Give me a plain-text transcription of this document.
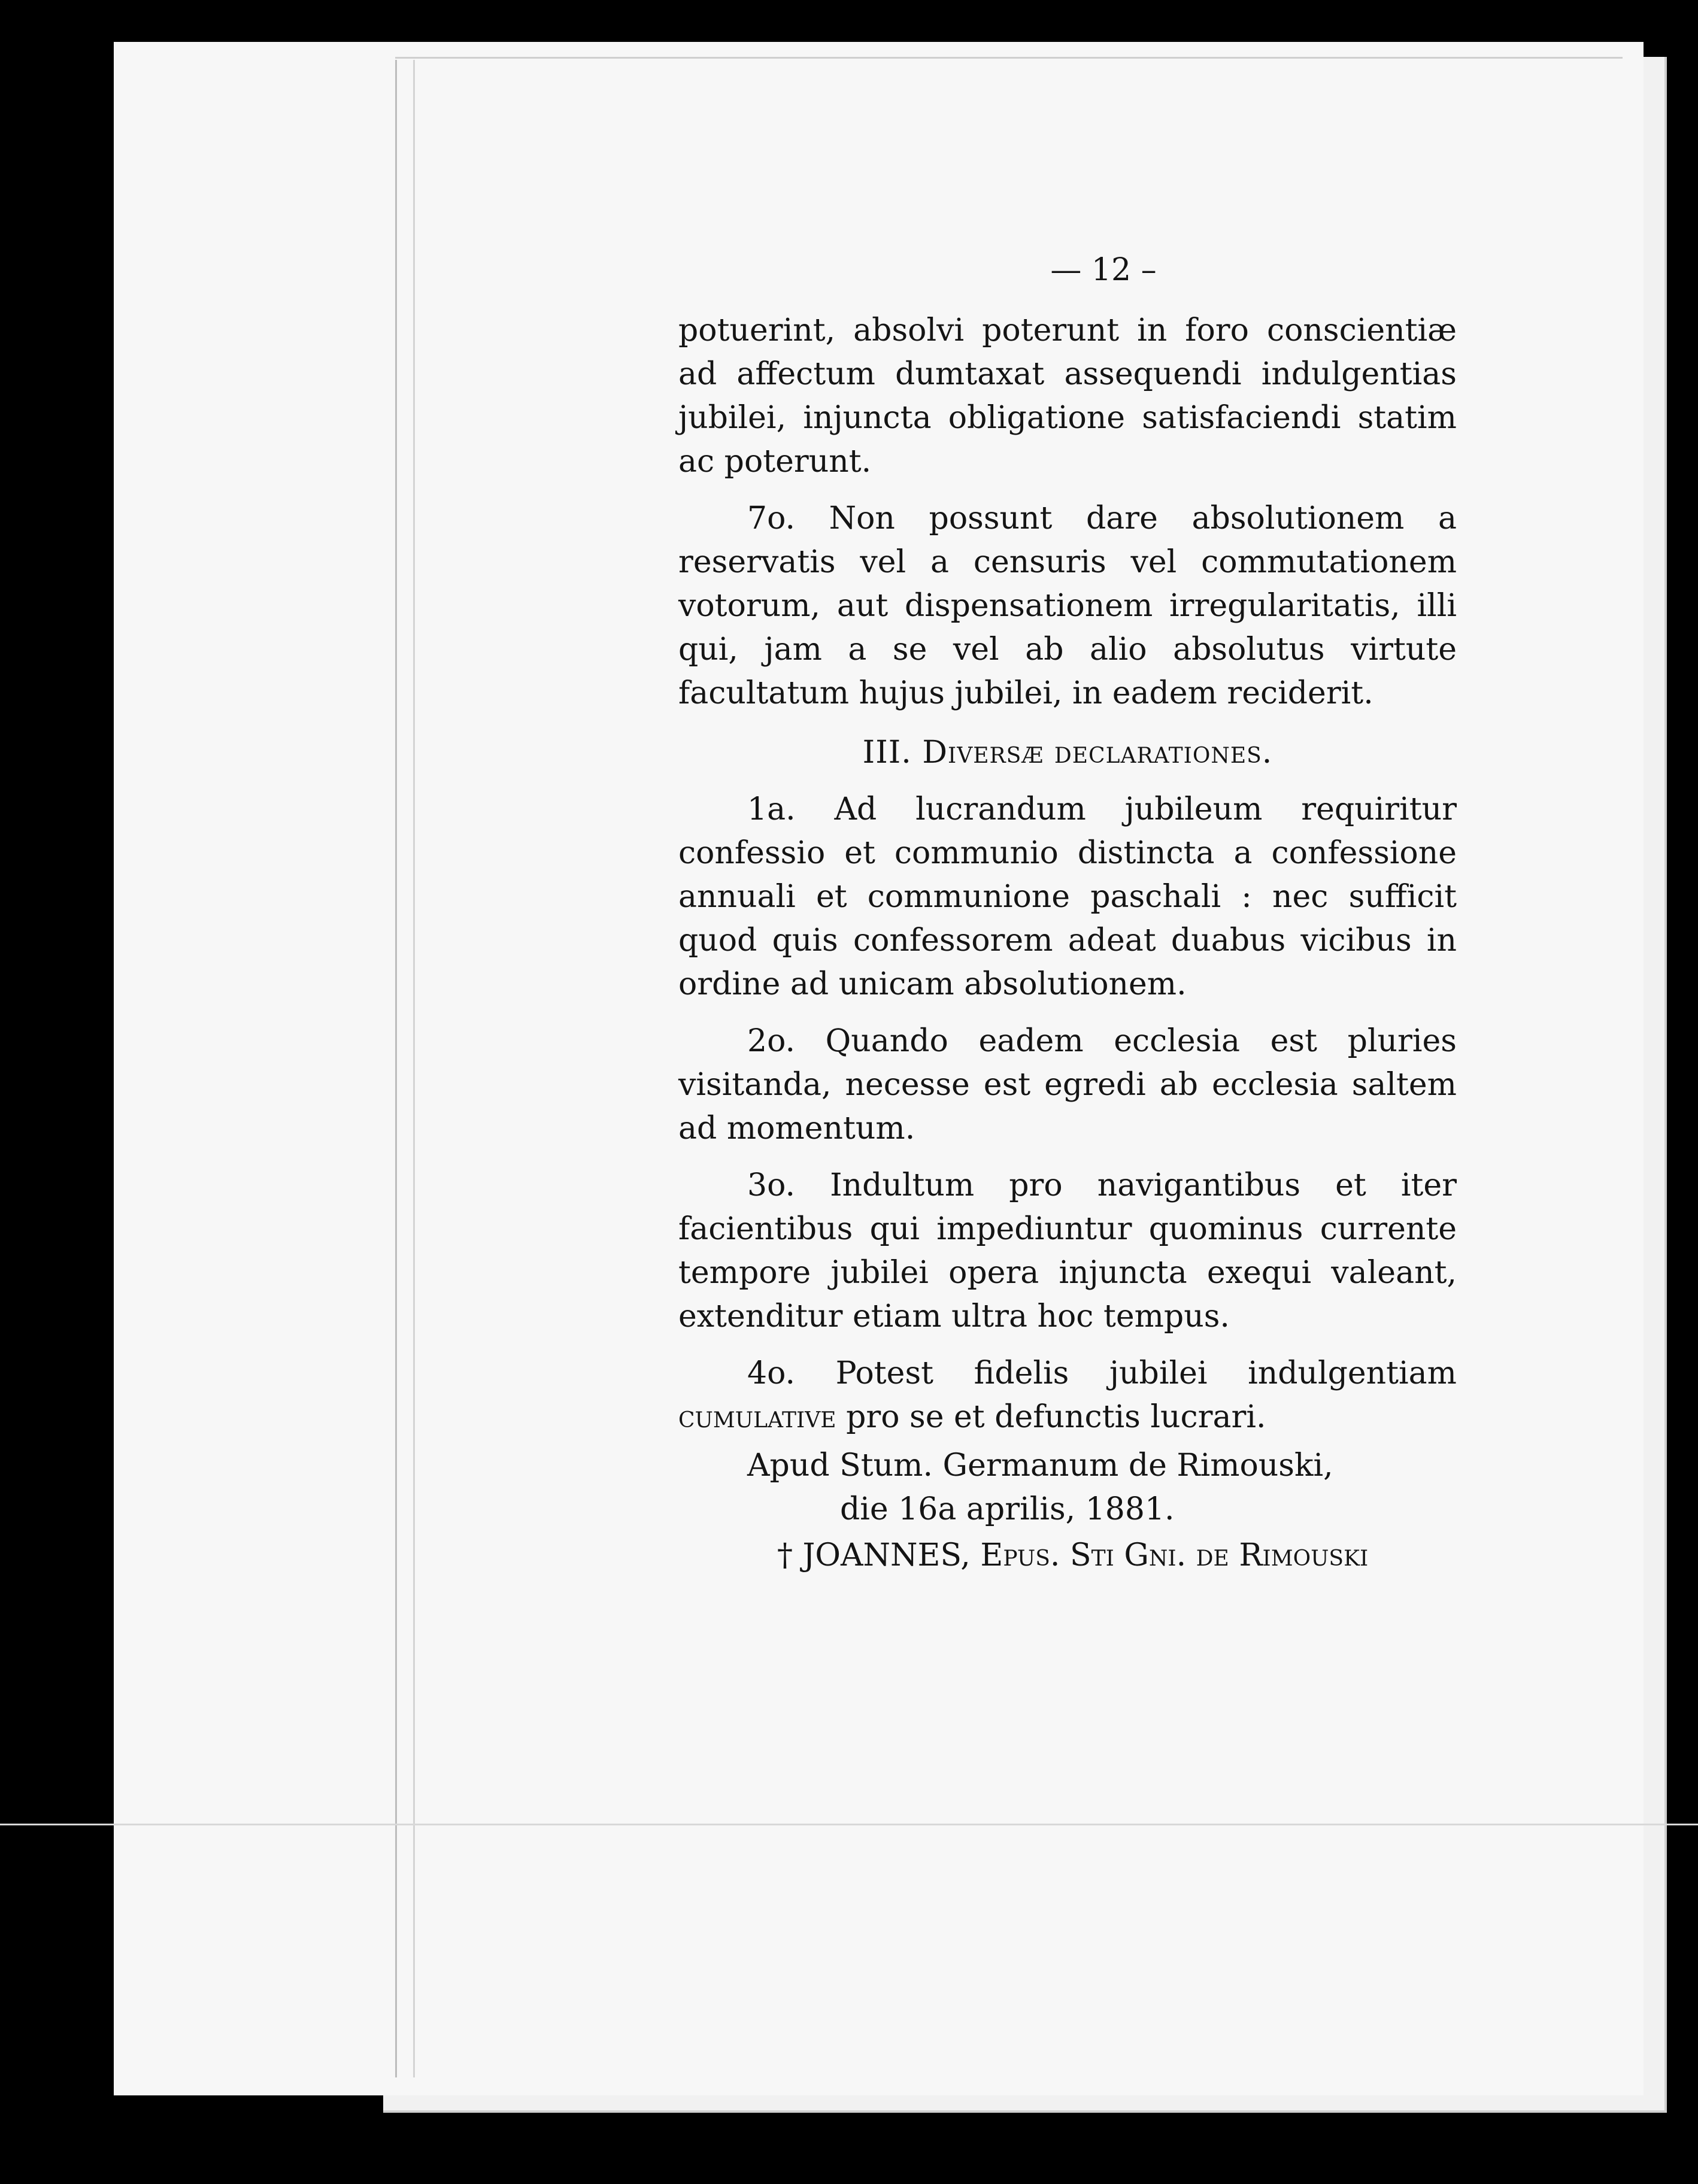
— 12 –

potuerint, absolvi poterunt in foro conscientiæ ad affectum dumtaxat assequendi indulgentias jubilei, injuncta obligatione satisfaciendi statim ac poterunt.

7o. Non possunt dare absolutionem a reservatis vel a censuris vel commutationem votorum, aut dispensationem irregularitatis, illi qui, jam a se vel ab alio absolutus virtute facultatum hujus jubilei, in eadem reciderit.

III. Diversæ declarationes.

1a. Ad lucrandum jubileum requiritur confessio et communio distincta a confessione annuali et communione paschali : nec sufficit quod quis confessorem adeat duabus vicibus in ordine ad unicam absolutionem.

2o. Quando eadem ecclesia est pluries visitanda, necesse est egredi ab ecclesia saltem ad momentum.

3o. Indultum pro navigantibus et iter facientibus qui impediuntur quominus currente tempore jubilei opera injuncta exequi valeant, extenditur etiam ultra hoc tempus.

4o. Potest fidelis jubilei indulgentiam cumulative pro se et defunctis lucrari.

Apud Stum. Germanum de Rimouski,
die 16a aprilis, 1881.
† JOANNES, Epus. Sti Gni. de Rimouski
